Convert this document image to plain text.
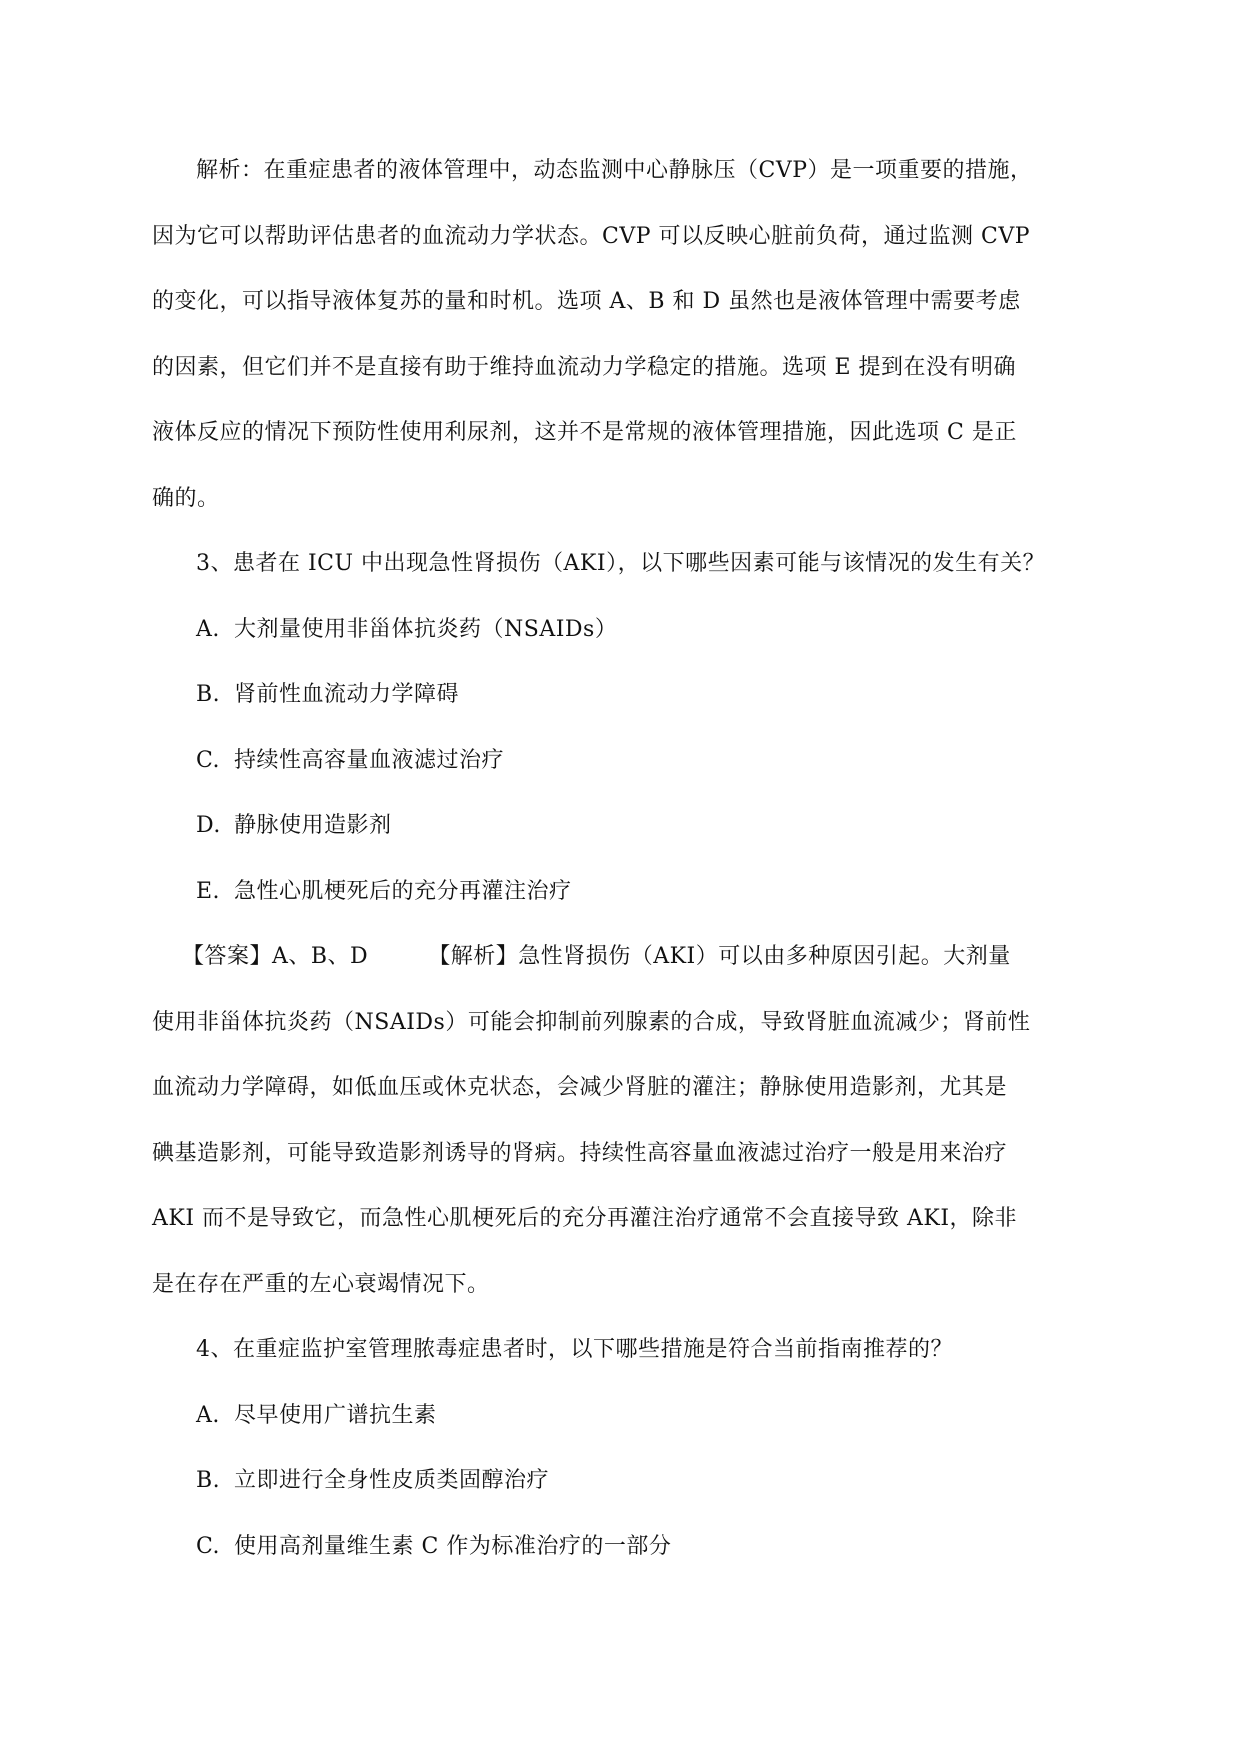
解析：在重症患者的液体管理中，动态监测中心静脉压（CVP）是一项重要的措施，
因为它可以帮助评估患者的血流动力学状态。CVP 可以反映心脏前负荷，通过监测 CVP
的变化，可以指导液体复苏的量和时机。选项 A、B 和 D 虽然也是液体管理中需要考虑
的因素，但它们并不是直接有助于维持血流动力学稳定的措施。选项 E 提到在没有明确
液体反应的情况下预防性使用利尿剂，这并不是常规的液体管理措施，因此选项 C 是正
确的。

3、患者在 ICU 中出现急性肾损伤（AKI），以下哪些因素可能与该情况的发生有关？

A. 大剂量使用非甾体抗炎药（NSAIDs）

B. 肾前性血流动力学障碍

C. 持续性高容量血液滤过治疗

D. 静脉使用造影剂

E. 急性心肌梗死后的充分再灌注治疗

【答案】A、B、D	【解析】急性肾损伤（AKI）可以由多种原因引起。大剂量
使用非甾体抗炎药（NSAIDs）可能会抑制前列腺素的合成，导致肾脏血流减少；肾前性
血流动力学障碍，如低血压或休克状态，会减少肾脏的灌注；静脉使用造影剂，尤其是
碘基造影剂，可能导致造影剂诱导的肾病。持续性高容量血液滤过治疗一般是用来治疗
AKI 而不是导致它，而急性心肌梗死后的充分再灌注治疗通常不会直接导致 AKI，除非
是在存在严重的左心衰竭情况下。

4、在重症监护室管理脓毒症患者时，以下哪些措施是符合当前指南推荐的？

A. 尽早使用广谱抗生素

B. 立即进行全身性皮质类固醇治疗

C. 使用高剂量维生素 C 作为标准治疗的一部分
